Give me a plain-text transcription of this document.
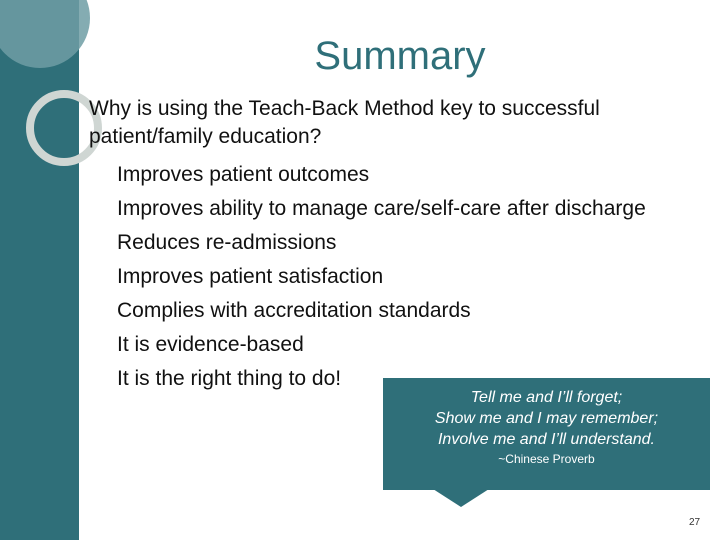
Summary
Why is using the Teach-Back Method key to successful patient/family education?
Improves patient outcomes
Improves ability to manage care/self-care after discharge
Reduces re-admissions
Improves patient satisfaction
Complies with accreditation standards
It is evidence-based
It is the right thing to do!
Tell me and I’ll forget;
Show me and I may remember;
Involve me and I’ll understand.
~Chinese Proverb
27
